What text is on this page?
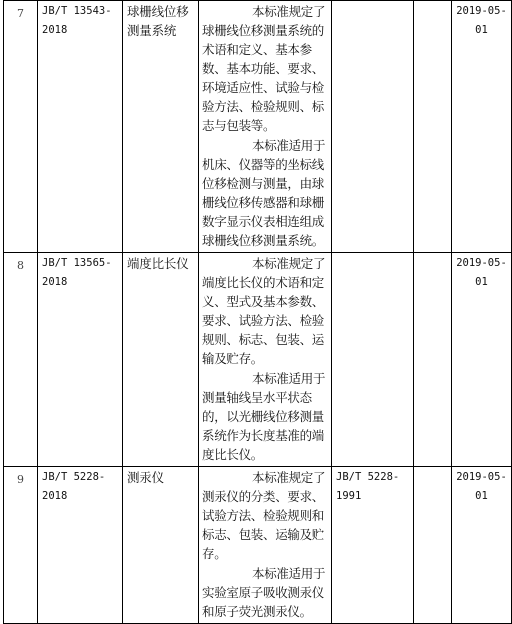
7	JB/T 13543-2018	球栅线位移测量系统	本标准规定了球栅线位移测量系统的术语和定义、基本参数、基本功能、要求、环境适应性、试验与检验方法、检验规则、标志与包装等。

本标准适用于机床、仪器等的坐标线位移检测与测量，由球栅线位移传感器和球栅数字显示仪表相连组成球栅线位移测量系统。			2019-05-01
8	JB/T 13565-2018	端度比长仪	本标准规定了端度比长仪的术语和定义、型式及基本参数、要求、试验方法、检验规则、标志、包装、运输及贮存。

本标准适用于测量轴线呈水平状态的，以光栅线位移测量系统作为长度基准的端度比长仪。			2019-05-01
9	JB/T 5228-2018	测汞仪	本标准规定了测汞仪的分类、要求、试验方法、检验规则和标志、包装、运输及贮存。

本标准适用于实验室原子吸收测汞仪和原子荧光测汞仪。	JB/T 5228-1991		2019-05-01
